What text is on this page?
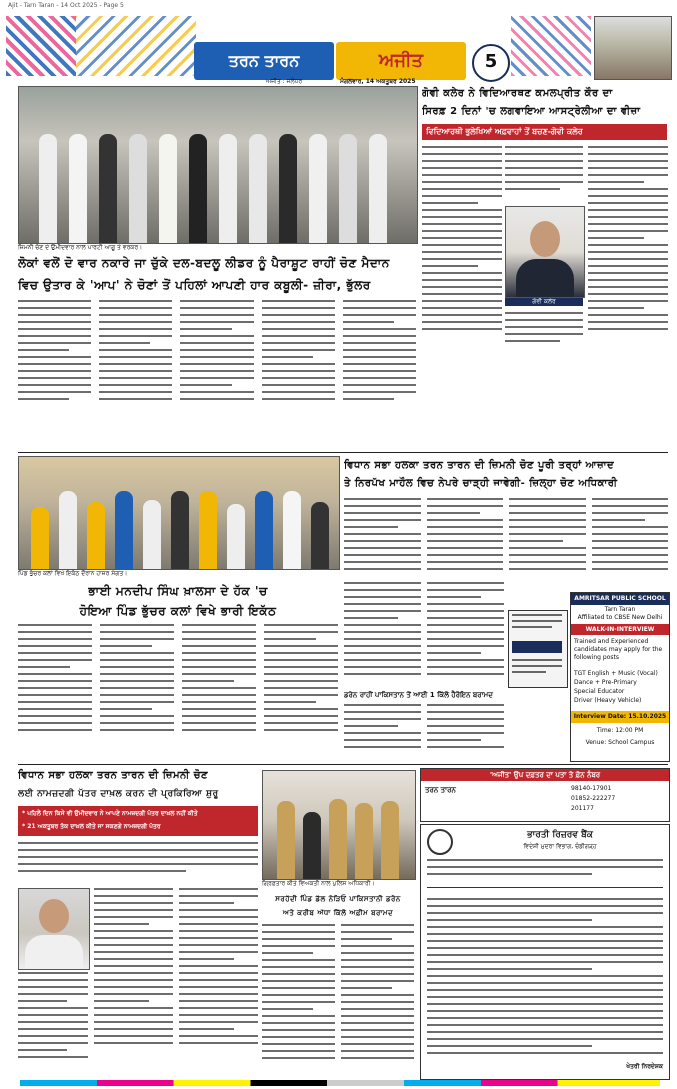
Ajit - Tarn Taran - 14 Oct 2025 - Page 5
ਤਰਨ ਤਾਰਨ	ਅਜੀਤ	5
ਅਜੀਤ : ਜਲੰਧਰ	ਮੰਗਲਵਾਰ, 14 ਅਕਤੂਬਰ 2025
ਜ਼ਿਮਨੀ ਚੋਣ ਦੇ ਉਮੀਦਵਾਰ ਨਾਲ ਪਾਰਟੀ ਆਗੂ ਤੇ ਵਰਕਰ।
ਲੋਕਾਂ ਵਲੋਂ ਦੋ ਵਾਰ ਨਕਾਰੇ ਜਾ ਚੁੱਕੇ ਦਲ-ਬਦਲੂ ਲੀਡਰ ਨੂੰ ਪੈਰਾਸ਼ੂਟ ਰਾਹੀਂ ਚੋਣ ਮੈਦਾਨ
ਵਿਚ ਉਤਾਰ ਕੇ 'ਆਪ' ਨੇ ਚੋਣਾਂ ਤੋਂ ਪਹਿਲਾਂ ਆਪਣੀ ਹਾਰ ਕਬੂਲੀ- ਜ਼ੀਰਾ, ਭੁੱਲਰ
ਗੋਵੀ ਕਲੇਰ ਨੇ ਵਿਦਿਆਰਥਣ ਕਮਲਪ੍ਰੀਤ ਕੌਰ ਦਾ
ਸਿਰਫ਼ 2 ਦਿਨਾਂ 'ਚ ਲਗਵਾਇਆ ਆਸਟ੍ਰੇਲੀਆ ਦਾ ਵੀਜ਼ਾ
ਵਿਦਿਆਰਥੀ ਭੁਲੇਖਿਆਂ ਅਫ਼ਵਾਹਾਂ ਤੋਂ ਬਚਣ-ਗੋਵੀ ਕਲੇਰ
ਗੋਵੀ ਕਲੇਰ
ਪਿੰਡ ਭੁੱਚਰ ਕਲਾਂ ਵਿਖੇ ਇਕੱਠ ਦੌਰਾਨ ਹਾਜ਼ਰ ਸੰਗਤ।
ਭਾਈ ਮਨਦੀਪ ਸਿੰਘ ਖ਼ਾਲਸਾ ਦੇ ਹੱਕ 'ਚ
ਹੋਇਆ ਪਿੰਡ ਭੁੱਚਰ ਕਲਾਂ ਵਿਖੇ ਭਾਰੀ ਇਕੱਠ
ਵਿਧਾਨ ਸਭਾ ਹਲਕਾ ਤਰਨ ਤਾਰਨ ਦੀ ਜ਼ਿਮਨੀ ਚੋਣ ਪੂਰੀ ਤਰ੍ਹਾਂ ਆਜ਼ਾਦ
ਤੇ ਨਿਰਪੱਖ ਮਾਹੌਲ ਵਿਚ ਨੇਪਰੇ ਚਾੜ੍ਹੀ ਜਾਵੇਗੀ- ਜ਼ਿਲ੍ਹਾ ਚੋਣ ਅਧਿਕਾਰੀ
ਡਰੇਨ ਰਾਹੀਂ ਪਾਕਿਸਤਾਨ ਤੋਂ ਆਈ 1 ਕਿੱਲੋ ਹੈਰੋਇਨ ਬਰਾਮਦ
AMRITSAR PUBLIC SCHOOL
Tarn Taran
Affiliated to CBSE New Delhi
WALK-IN-INTERVIEW
Trained and Experienced candidates may apply for the following posts
TGT English + Music (Vocal)
Dance + Pre-Primary
Special Educator
Driver (Heavy Vehicle)
Interview Date: 15.10.2025
Time: 12:00 PM
Venue: School Campus
ਵਿਧਾਨ ਸਭਾ ਹਲਕਾ ਤਰਨ ਤਾਰਨ ਦੀ ਜ਼ਿਮਨੀ ਚੋਣ
ਲਈ ਨਾਮਜ਼ਦਗੀ ਪੱਤਰ ਦਾਖ਼ਲ ਕਰਨ ਦੀ ਪ੍ਰਕਿਰਿਆ ਸ਼ੁਰੂ
* ਪਹਿਲੇ ਦਿਨ ਕਿਸੇ ਵੀ ਉਮੀਦਵਾਰ ਨੇ ਆਪਣੇ ਨਾਮਜ਼ਦਗੀ ਪੱਤਰ ਦਾਖ਼ਲ ਨਹੀਂ ਕੀਤੇ
* 21 ਅਕਤੂਬਰ ਤੱਕ ਦਾਖ਼ਲ ਕੀਤੇ ਜਾ ਸਕਣਗੇ ਨਾਮਜ਼ਦਗੀ ਪੱਤਰ
ਗ੍ਰਿਫ਼ਤਾਰ ਕੀਤੇ ਵਿਅਕਤੀ ਨਾਲ ਪੁਲਿਸ ਅਧਿਕਾਰੀ।
ਸਰਹੱਦੀ ਪਿੰਡ ਡੱਲ ਨੇੜਿਓਂ ਪਾਕਿਸਤਾਨੀ ਡਰੋਨ
ਅਤੇ ਕਰੀਬ ਅੱਧਾ ਕਿੱਲੋ ਅਫ਼ੀਮ ਬਰਾਮਦ
'ਅਜੀਤ' ਉਪ ਦਫ਼ਤਰ ਦਾ ਪਤਾ ਤੇ ਫ਼ੋਨ ਨੰਬਰ
ਤਰਨ ਤਾਰਨ	98140-17901
01852-222277
201177
ਭਾਰਤੀ ਰਿਜ਼ਰਵ ਬੈਂਕ
ਵਿਦੇਸ਼ੀ ਮੁਦਰਾ ਵਿਭਾਗ, ਚੰਡੀਗੜ੍ਹ
ਖੇਤਰੀ ਨਿਰਦੇਸ਼ਕ
